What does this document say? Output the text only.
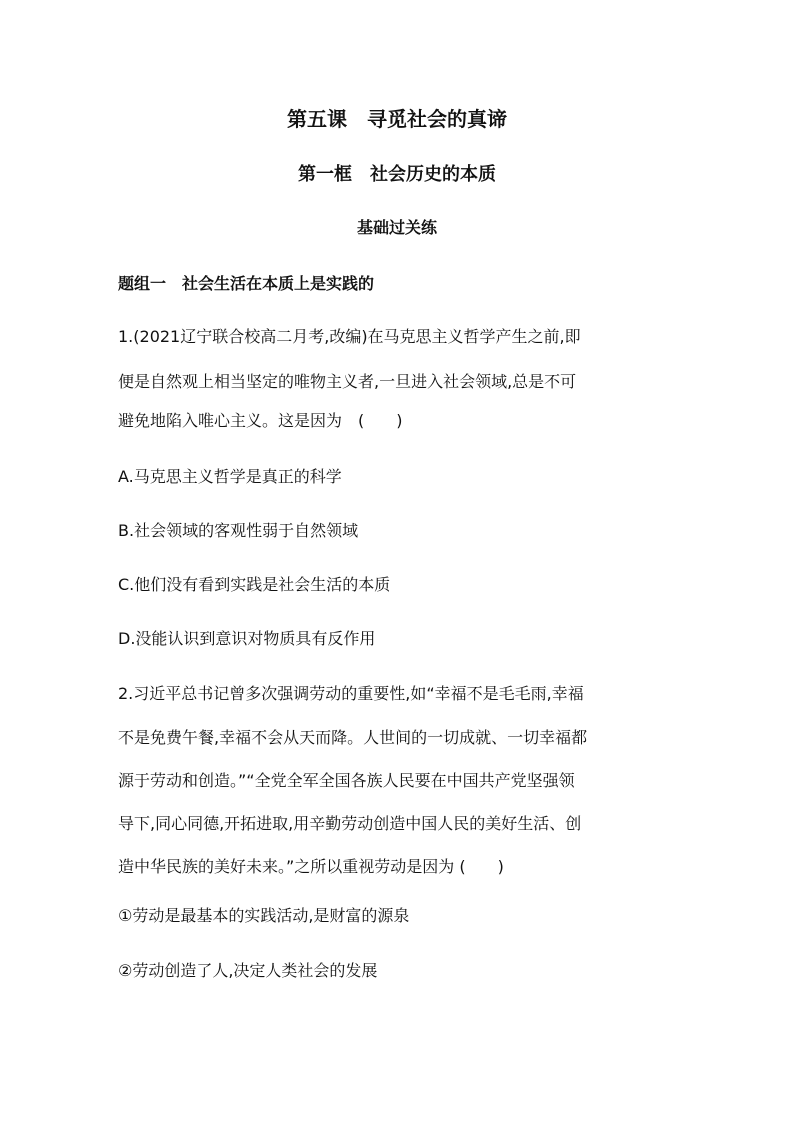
第五课　寻觅社会的真谛
第一框　社会历史的本质
基础过关练
题组一　社会生活在本质上是实践的
1.(2021辽宁联合校高二月考,改编)在马克思主义哲学产生之前,即
便是自然观上相当坚定的唯物主义者,一旦进入社会领域,总是不可
避免地陷入唯心主义。这是因为　(　　)
A.马克思主义哲学是真正的科学
B.社会领域的客观性弱于自然领域
C.他们没有看到实践是社会生活的本质
D.没能认识到意识对物质具有反作用
2.习近平总书记曾多次强调劳动的重要性,如“幸福不是毛毛雨,幸福
不是免费午餐,幸福不会从天而降。人世间的一切成就、一切幸福都
源于劳动和创造。”“全党全军全国各族人民要在中国共产党坚强领
导下,同心同德,开拓进取,用辛勤劳动创造中国人民的美好生活、创
造中华民族的美好未来。”之所以重视劳动是因为 (　　)
①劳动是最基本的实践活动,是财富的源泉
②劳动创造了人,决定人类社会的发展
